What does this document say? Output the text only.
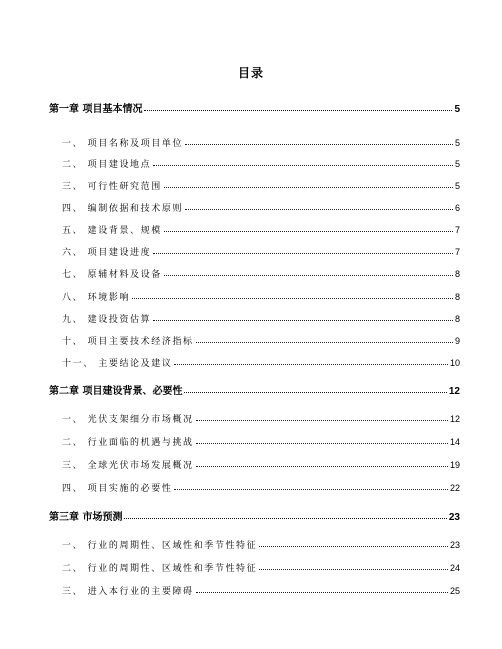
目录
第一章 项目基本情况	5
一、 项目名称及项目单位	5
二、 项目建设地点	5
三、 可行性研究范围	5
四、 编制依据和技术原则	6
五、 建设背景、规模	7
六、 项目建设进度	7
七、 原辅材料及设备	8
八、 环境影响	8
九、 建设投资估算	8
十、 项目主要技术经济指标	9
十一、 主要结论及建议	10
第二章 项目建设背景、必要性	12
一、 光伏支架细分市场概况	12
二、 行业面临的机遇与挑战	14
三、 全球光伏市场发展概况	19
四、 项目实施的必要性	22
第三章 市场预测	23
一、 行业的周期性、区域性和季节性特征	23
二、 行业的周期性、区域性和季节性特征	24
三、 进入本行业的主要障碍	25
